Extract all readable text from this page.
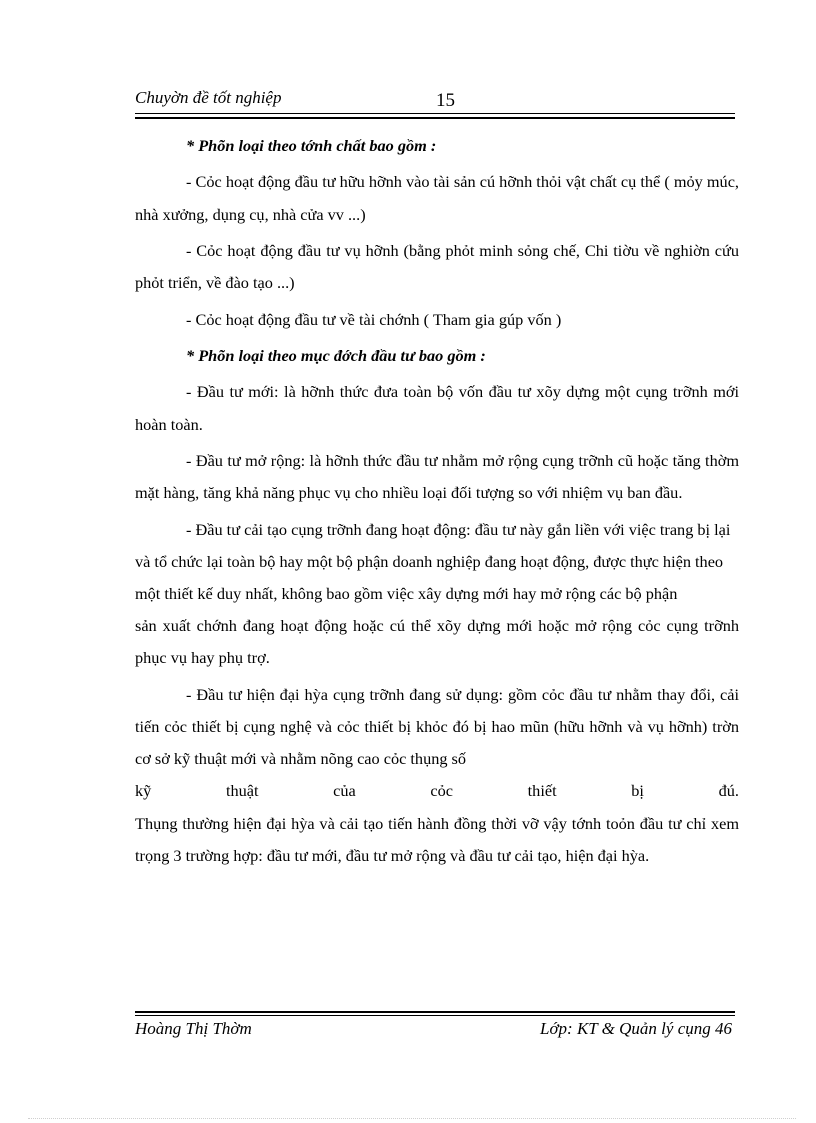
Chuyờn đề tốt nghiệp	15

* Phõn loại theo tớnh chất bao gồm :

- Cỏc hoạt động đầu tư hữu hỡnh vào tài sản cú hỡnh thỏi vật chất cụ thể ( mỏy múc, nhà xưởng, dụng cụ, nhà cửa vv ...)

- Cỏc hoạt động đầu tư vụ hỡnh (bằng phỏt minh sỏng chế, Chi tiờu về nghiờn cứu phỏt triển, về đào tạo ...)

- Cỏc hoạt động đầu tư về tài chớnh ( Tham gia gúp vốn )

* Phõn loại theo mục đớch đầu tư bao gồm :

- Đầu tư mới: là hỡnh thức đưa toàn bộ vốn đầu tư xõy dựng một cụng trỡnh mới hoàn toàn.

- Đầu tư mở rộng: là hỡnh thức đầu tư nhằm mở rộng cụng trỡnh cũ hoặc tăng thờm mặt hàng, tăng khả năng phục vụ cho nhiều loại đối tượng so với nhiệm vụ ban đầu.

- Đầu tư cải tạo cụng trỡnh đang hoạt động: đầu tư này gắn liền với việc trang bị lại và tổ chức lại toàn bộ hay một bộ phận doanh nghiệp đang hoạt động, được thực hiện theo một thiết kế duy nhất, không bao gồm việc xây dựng mới hay mở rộng các bộ phận

sản xuất chớnh đang hoạt động hoặc cú thể xõy dựng mới hoặc mở rộng cỏc cụng trỡnh phục vụ hay phụ trợ.

- Đầu tư hiện đại hỳa cụng trỡnh đang sử dụng: gồm cỏc đầu tư nhằm thay đổi, cải tiến cỏc thiết bị cụng nghệ và cỏc thiết bị khỏc đó bị hao mũn (hữu hỡnh và vụ hỡnh) trờn cơ sở kỹ thuật mới và nhằm nõng cao cỏc thụng số

kỹ	thuật	của	cỏc	thiết	bị	đú.

Thụng thường hiện đại hỳa và cải tạo tiến hành đồng thời vỡ vậy tớnh toỏn đầu tư chỉ xem trọng 3 trường hợp: đầu tư mới, đầu tư mở rộng và đầu tư cải tạo, hiện đại hỳa.

Hoàng Thị Thờm	Lớp: KT & Quản lý cụng 46
